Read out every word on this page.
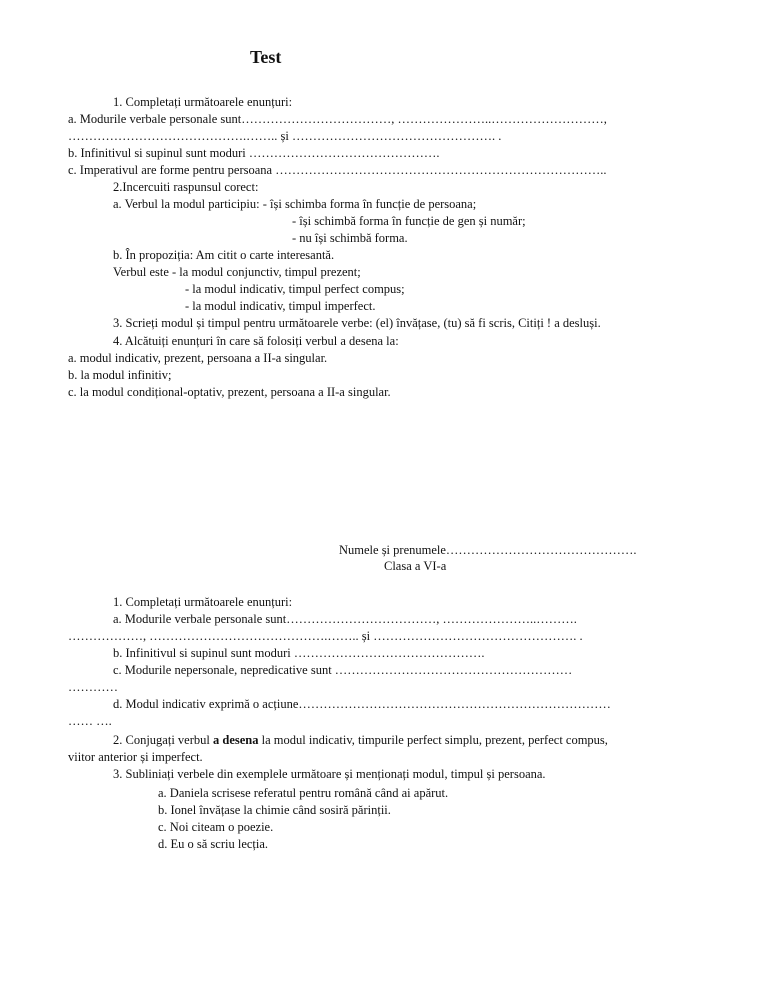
Test
1. Completați următoarele enunțuri:
a. Modurile verbale personale sunt………………………………, …………………..………………………,
…………………………………….…….. și …………………………………………. .
b. Infinitivul si supinul sunt moduri ……………………………………….
c. Imperativul are forme pentru persoana ……………………………………………………………………..
2.Incercuiti raspunsul corect:
a. Verbul la modul participiu: - își schimba forma în funcție de persoana;
- își schimbă forma în funcție de gen și număr;
- nu își schimbă forma.
b. În propoziția: Am citit o carte interesantă.
Verbul este - la modul conjunctiv, timpul prezent;
- la modul indicativ, timpul perfect compus;
- la modul indicativ, timpul imperfect.
3. Scrieți modul și timpul pentru următoarele verbe: (el) învățase, (tu) să fi scris, Citiți ! a desluși.
4. Alcătuiți enunțuri în care să folosiți verbul a desena la:
a. modul indicativ, prezent, persoana a II-a singular.
b. la modul infinitiv;
c. la modul condițional-optativ, prezent, persoana a II-a singular.
Numele și prenumele……………………………………….
Clasa a VI-a
1. Completați următoarele enunțuri:
a. Modurile verbale personale sunt………………………………, …………………..……….
………………, …………………………………….…….. și …………………………………………. .
b. Infinitivul si supinul sunt moduri ……………………………………….
c. Modurile nepersonale, nepredicative sunt …………………………………………………
…………
d. Modul indicativ exprimă o acțiune…………………………………………………………………
…… ….
2. Conjugați verbul a desena la modul indicativ, timpurile perfect simplu, prezent, perfect compus,
viitor anterior și imperfect.
3. Subliniați verbele din exemplele următoare și menționați modul, timpul și persoana.
a. Daniela scrisese referatul pentru română când ai apărut.
b. Ionel învățase la chimie când sosiră părinții.
c. Noi citeam o poezie.
d. Eu o să scriu lecția.
